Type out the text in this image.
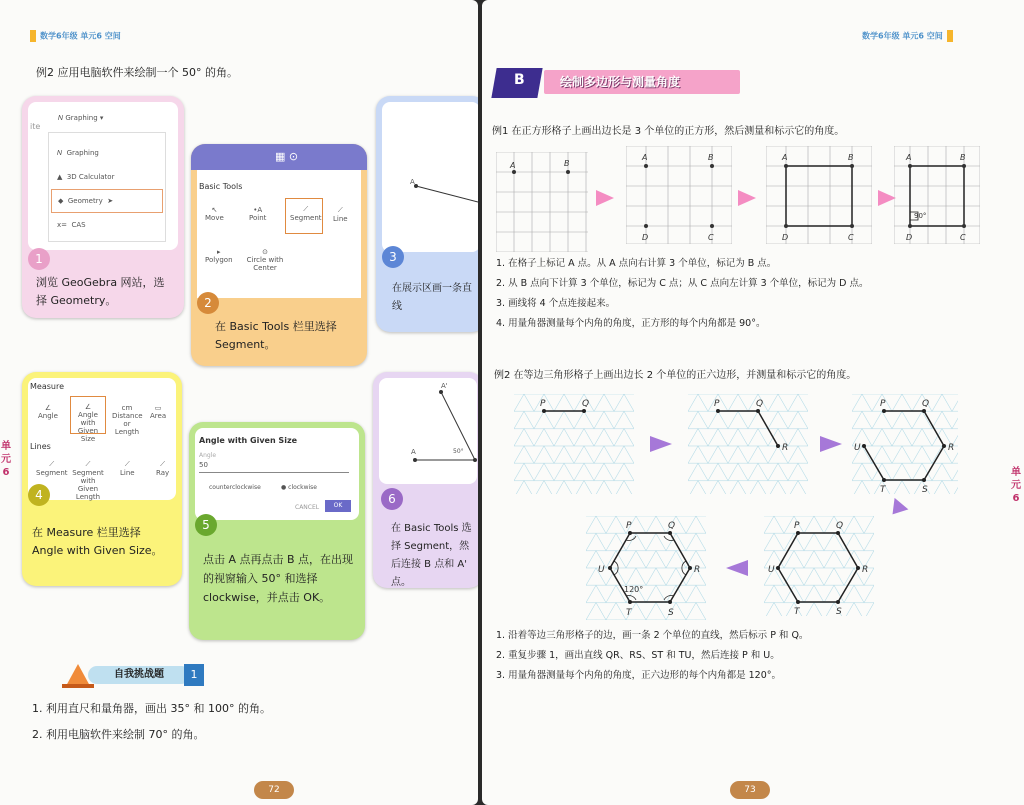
数学6年级 单元6 空间
例2 应用电脑软件来绘制一个 50° 的角。
ite
𝑁 Graphing ▾
𝑁  Graphing
▲  3D Calculator
◆  Geometry ➤
x=  CAS
1
浏览 GeoGebra 网站，选择 Geometry。
▦ ⊙
Basic Tools
↖
Move
•A
Point
⟋
Segment
⟋
Line
▸
Polygon
⊙
Circle with Center
2
在 Basic Tools 栏里选择 Segment。
A
3
在展示区画一条直线
Measure
∠
Angle
∠
Angle with Given Size
cm
Distance or Length
▭
Area
Lines
⟋
Segment
⟋
Segment with Given Length
⟋
Line
⟋
Ray
4
在 Measure 栏里选择 Angle with Given Size。
Angle with Given Size
Angle
50
counterclockwise	● clockwise
CANCEL	OK
5
点击 A 点再点击 B 点，在出现的视窗输入 50° 和选择 clockwise，并点击 OK。
A
A'
50°
6
在 Basic Tools 选择 Segment，然后连接 B 点和 A' 点。
自我挑战题	1
1. 利用直尺和量角器，画出 35° 和 100° 的角。
2. 利用电脑软件来绘制 70° 的角。
72
单元6
数学6年级 单元6 空间
B	绘制多边形与测量角度
例1 在正方形格子上画出边长是 3 个单位的正方形，然后测量和标示它的角度。
A	B
A	B
D	C
A	B
D	C
A	B
D	C
90°
1. 在格子上标记 A 点。从 A 点向右计算 3 个单位，标记为 B 点。
2. 从 B 点向下计算 3 个单位，标记为 C 点；从 C 点向左计算 3 个单位，标记为 D 点。
3. 画线将 4 个点连接起来。
4. 用量角器测量每个内角的角度，正方形的每个内角都是 90°。
例2 在等边三角形格子上画出边长 2 个单位的正六边形，并测量和标示它的角度。
P	Q	P	Q
R
P	Q
R
S
T
U
P	Q
R
S
T
U
P	Q
R
S
T
U
120°
1. 沿着等边三角形格子的边，画一条 2 个单位的直线，然后标示 P 和 Q。
2. 重复步骤 1，画出直线 QR、RS、ST 和 TU，然后连接 P 和 U。
3. 用量角器测量每个内角的角度，正六边形的每个内角都是 120°。
73
单元6
